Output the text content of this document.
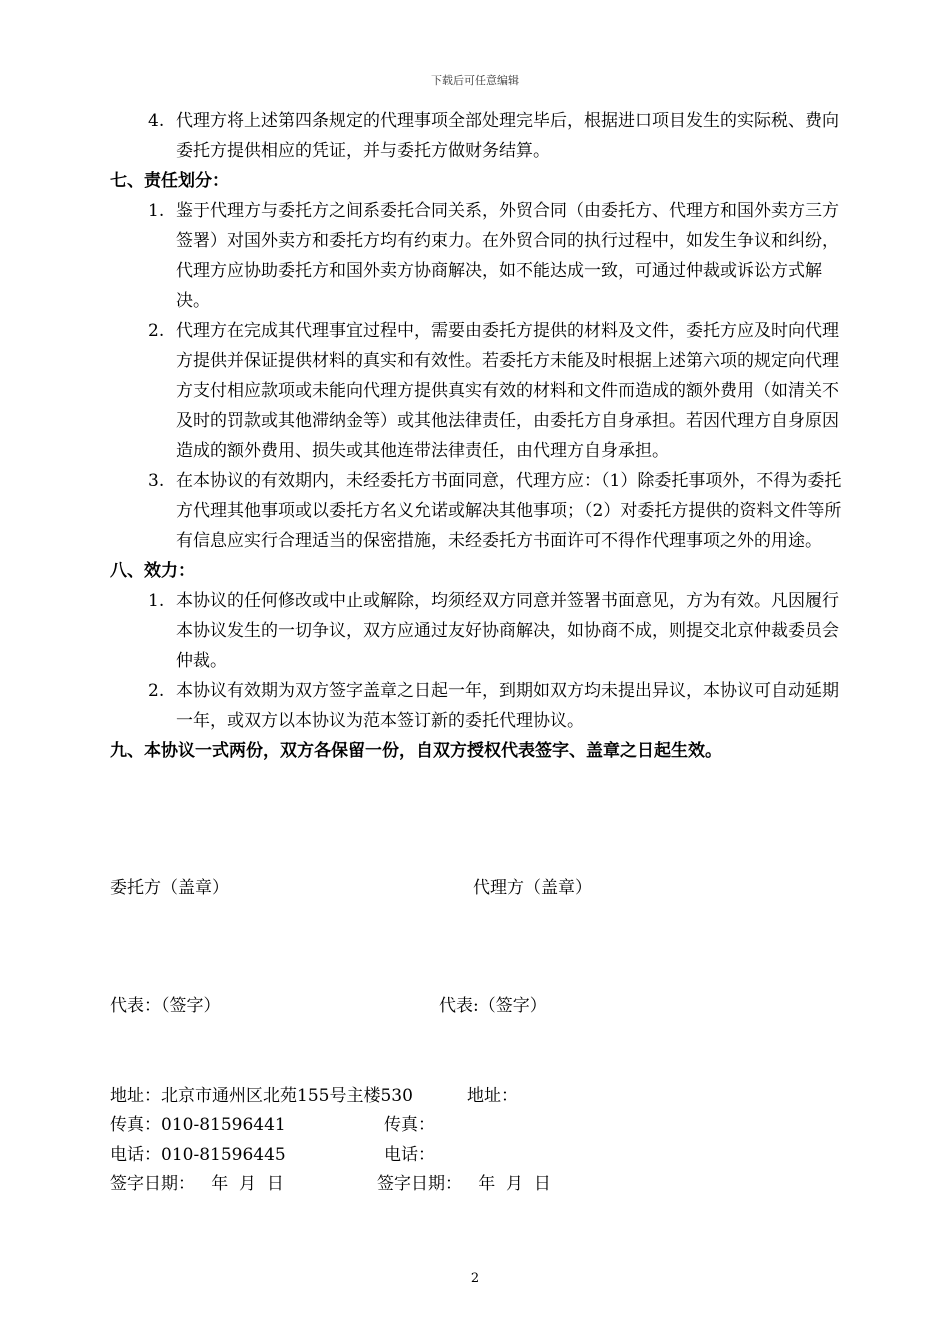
下载后可任意编辑
4. 代理方将上述第四条规定的代理事项全部处理完毕后，根据进口项目发生的实际税、费向委托方提供相应的凭证，并与委托方做财务结算。
七、责任划分：
1. 鉴于代理方与委托方之间系委托合同关系，外贸合同（由委托方、代理方和国外卖方三方签署）对国外卖方和委托方均有约束力。在外贸合同的执行过程中，如发生争议和纠纷，代理方应协助委托方和国外卖方协商解决，如不能达成一致，可通过仲裁或诉讼方式解决。
2. 代理方在完成其代理事宜过程中，需要由委托方提供的材料及文件，委托方应及时向代理方提供并保证提供材料的真实和有效性。若委托方未能及时根据上述第六项的规定向代理方支付相应款项或未能向代理方提供真实有效的材料和文件而造成的额外费用（如清关不及时的罚款或其他滞纳金等）或其他法律责任，由委托方自身承担。若因代理方自身原因造成的额外费用、损失或其他连带法律责任，由代理方自身承担。
3. 在本协议的有效期内，未经委托方书面同意，代理方应：（1）除委托事项外，不得为委托方代理其他事项或以委托方名义允诺或解决其他事项；（2）对委托方提供的资料文件等所有信息应实行合理适当的保密措施，未经委托方书面许可不得作代理事项之外的用途。
八、效力：
1. 本协议的任何修改或中止或解除，均须经双方同意并签署书面意见，方为有效。凡因履行本协议发生的一切争议，双方应通过友好协商解决，如协商不成，则提交北京仲裁委员会仲裁。
2. 本协议有效期为双方签字盖章之日起一年，到期如双方均未提出异议，本协议可自动延期一年，或双方以本协议为范本签订新的委托代理协议。
九、本协议一式两份，双方各保留一份，自双方授权代表签字、盖章之日起生效。
委托方（盖章）	代理方（盖章）
代表：（签字）	代表:（签字）
地址：北京市通州区北苑155号主楼530	地址：
传真：010-81596441	传真：
电话：010-81596445	电话：
签字日期：   年  月  日	签字日期：   年  月  日
2
